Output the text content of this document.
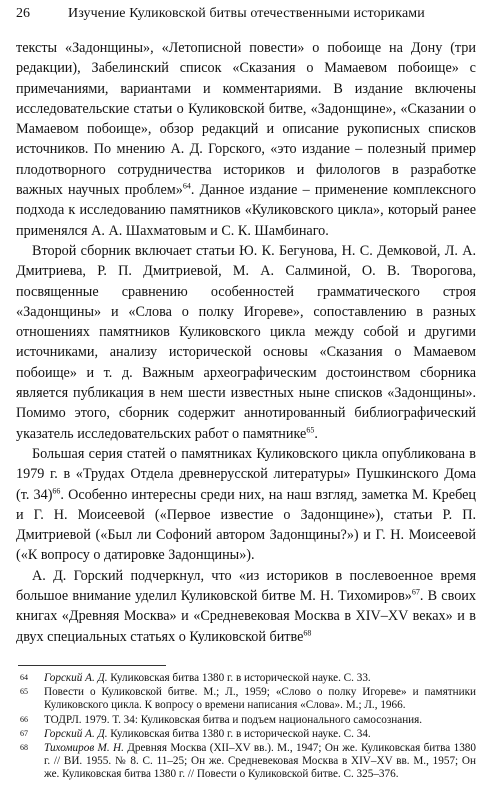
26	Изучение Куликовской битвы отечественными историками

тексты «Задонщины», «Летописной повести» о побоище на Дону (три редакции), Забелинский список «Сказания о Мамаевом побоище» с примечаниями, вариантами и комментариями. В издание включены исследовательские статьи о Куликовской битве, «Задонщине», «Сказании о Мамаевом побоище», обзор редакций и описание рукописных списков источников. По мнению А. Д. Горского, «это издание – полезный пример плодотворного сотрудничества историков и филологов в разработке важных научных проблем»$^{64}$. Данное издание – применение комплексного подхода к исследованию памятников «Куликовского цикла», который ранее применялся А. А. Шахматовым и С. К. Шамбинаго.

Второй сборник включает статьи Ю. К. Бегунова, Н. С. Демковой, Л. А. Дмитриева, Р. П. Дмитриевой, М. А. Салминой, О. В. Творогова, посвященные сравнению особенностей грамматического строя «Задонщины» и «Слова о полку Игореве», сопоставлению в разных отношениях памятников Куликовского цикла между собой и другими источниками, анализу исторической основы «Сказания о Мамаевом побоище» и т. д. Важным археографическим достоинством сборника является публикация в нем шести известных ныне списков «Задонщины». Помимо этого, сборник содержит аннотированный библиографический указатель исследовательских работ о памятнике$^{65}$.

Большая серия статей о памятниках Куликовского цикла опубликована в 1979 г. в «Трудах Отдела древнерусской литературы» Пушкинского Дома (т. 34)$^{66}$. Особенно интересны среди них, на наш взгляд, заметка М. Кребец и Г. Н. Моисеевой («Первое известие о Задонщине»), статьи Р. П. Дмитриевой («Был ли Софоний автором Задонщины?») и Г. Н. Моисеевой («К вопросу о датировке Задонщины»).

А. Д. Горский подчеркнул, что «из историков в послевоенное время большое внимание уделил Куликовской битве М. Н. Тихомиров»$^{67}$. В своих книгах «Древняя Москва» и «Средневековая Москва в XIV–XV веках» и в двух специальных статьях о Куликовской битве$^{68}$

64	Горский А. Д. Куликовская битва 1380 г. в исторической науке. С. 33.
65	Повести о Куликовской битве. М.; Л., 1959; «Слово о полку Игореве» и памятники Куликовского цикла. К вопросу о времени написания «Слова». М.; Л., 1966.
66	ТОДРЛ. 1979. Т. 34: Куликовская битва и подъем национального самосознания.
67	Горский А. Д. Куликовская битва 1380 г. в исторической науке. С. 34.
68	Тихомиров М. Н. Древняя Москва (XII–XV вв.). М., 1947; Он же. Куликовская битва 1380 г. // ВИ. 1955. № 8. С. 11–25; Он же. Средневековая Москва в XIV–XV вв. М., 1957; Он же. Куликовская битва 1380 г. // Повести о Куликовской битве. С. 325–376.
